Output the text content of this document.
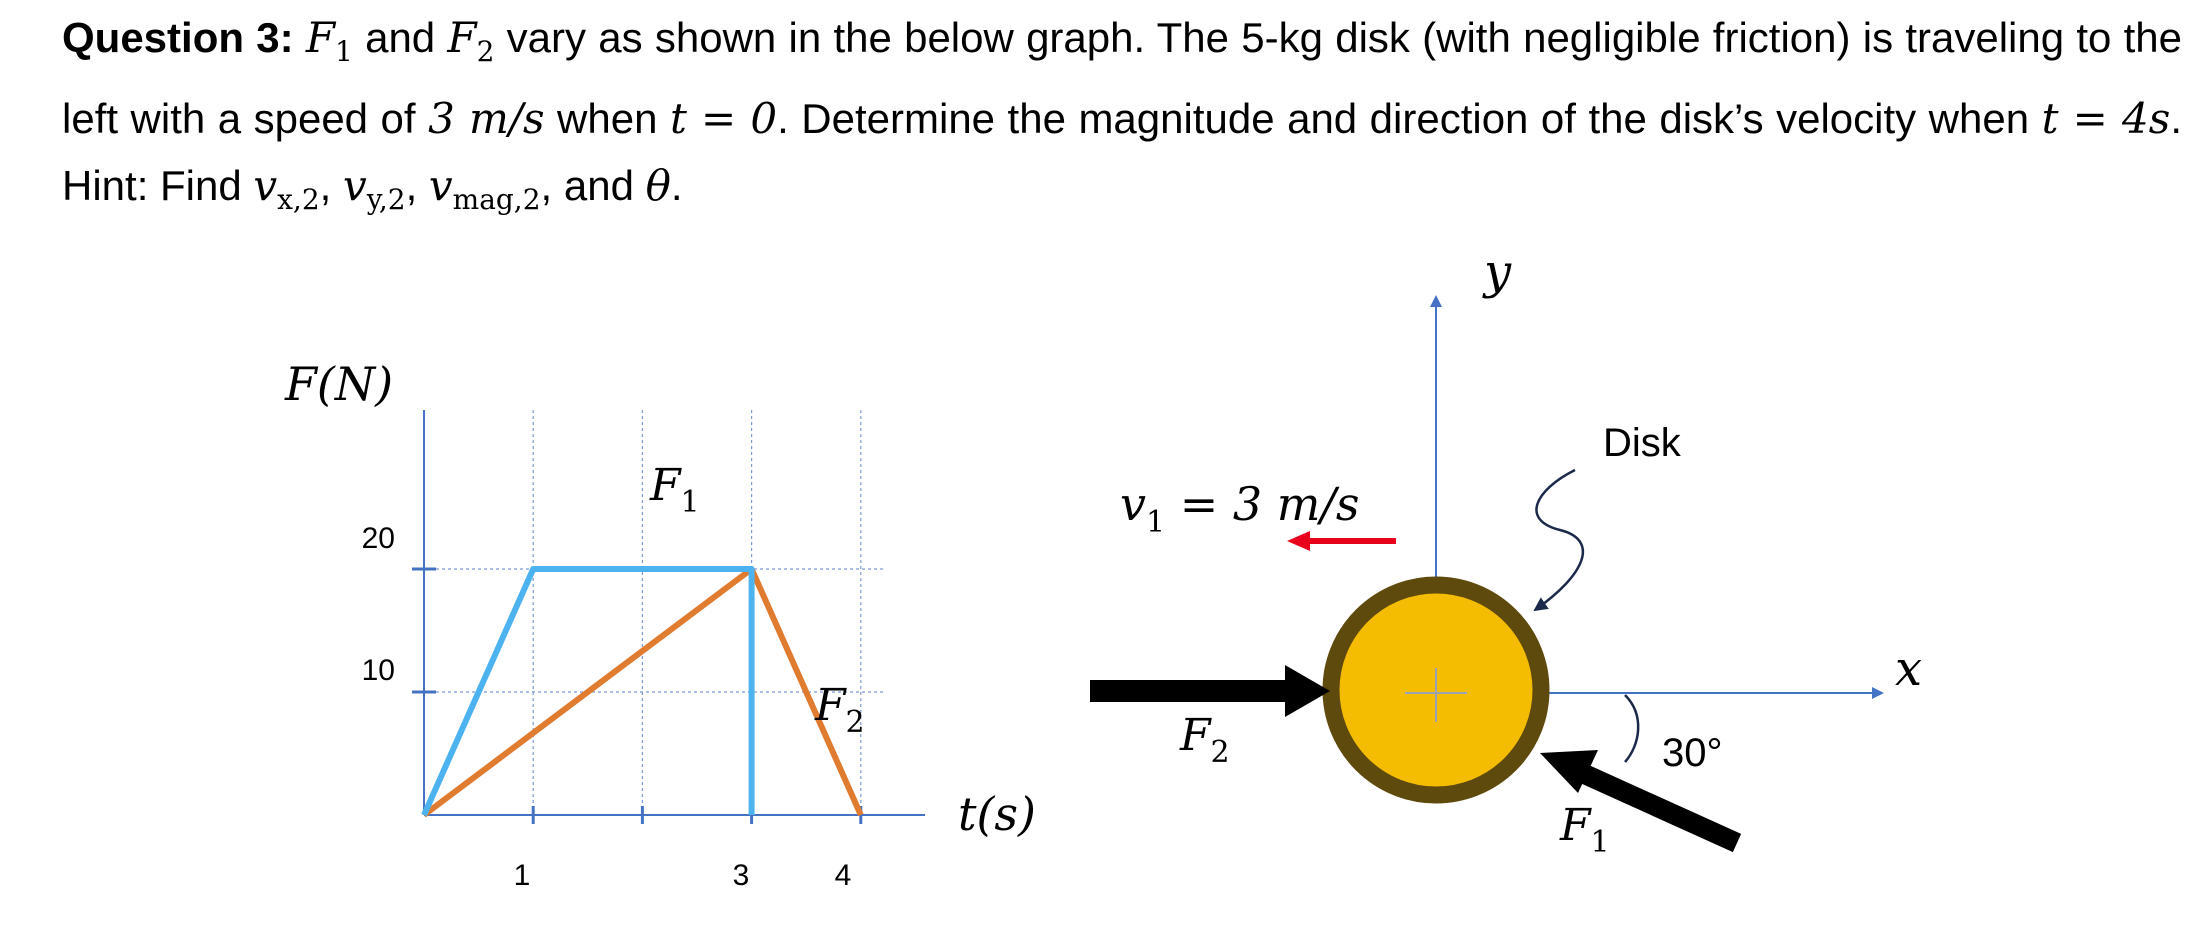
Question 3: $F_1$ and $F_2$ vary as shown in the below graph. The 5-kg disk (with negligible friction) is traveling to the left with a speed of 3 m/s when t = 0. Determine the magnitude and direction of the disk’s velocity when t = 4s. Hint: Find $v_{x,2}$, $v_{y,2}$, $v_{mag,2}$, and θ.
20
10
1	3	4
F(N)
t(s)
$F_1$
$F_2$
y
x
$v_1 = 3$ m/s
Disk
$F_2$
$F_1$
30°
